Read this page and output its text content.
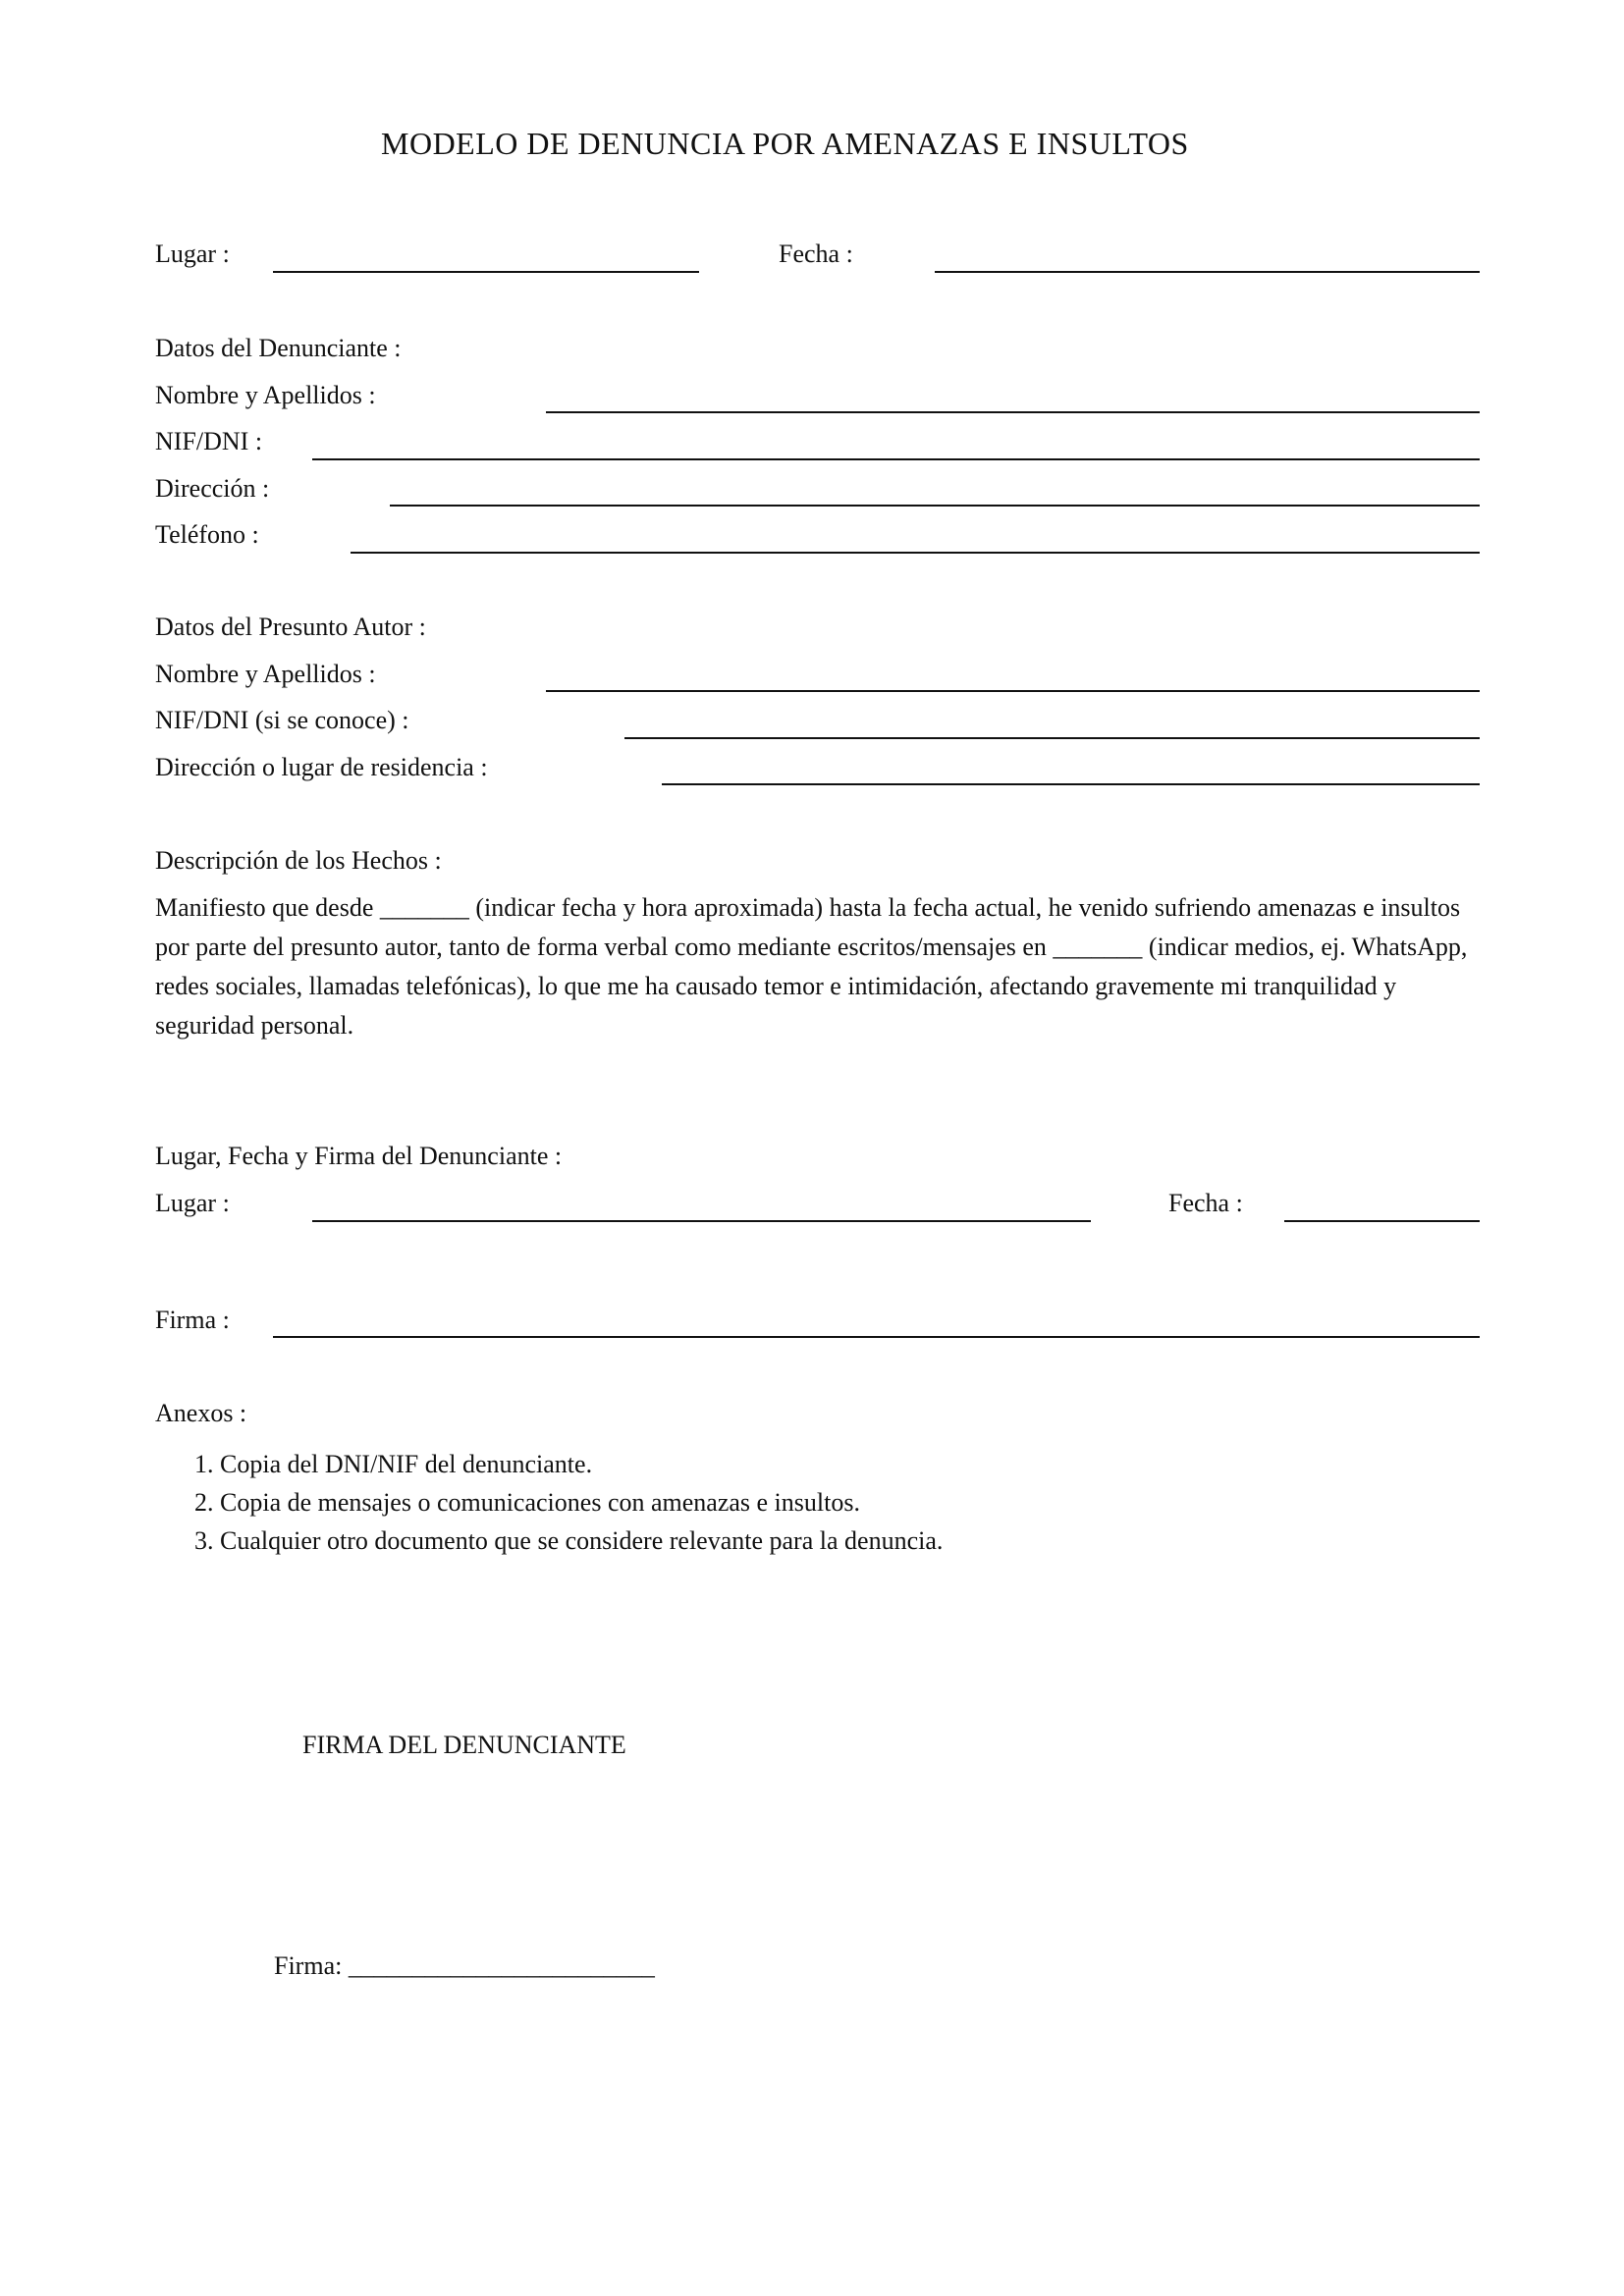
MODELO DE DENUNCIA POR AMENAZAS E INSULTOS
Lugar :	Fecha :
Datos del Denunciante :
Nombre y Apellidos :
NIF/DNI :
Dirección :
Teléfono :
Datos del Presunto Autor :
Nombre y Apellidos :
NIF/DNI (si se conoce) :
Dirección o lugar de residencia :
Descripción de los Hechos :
Manifiesto que desde _______ (indicar fecha y hora aproximada) hasta la fecha actual, he venido sufriendo amenazas e insultos por parte del presunto autor, tanto de forma verbal como mediante escritos/mensajes en _______ (indicar medios, ej. WhatsApp, redes sociales, llamadas telefónicas), lo que me ha causado temor e intimidación, afectando gravemente mi tranquilidad y seguridad personal.
Lugar, Fecha y Firma del Denunciante :
Lugar :	Fecha :
Firma :
Anexos :
1. Copia del DNI/NIF del denunciante.
2. Copia de mensajes o comunicaciones con amenazas e insultos.
3. Cualquier otro documento que se considere relevante para la denuncia.
FIRMA DEL DENUNCIANTE
Firma: ________________________
